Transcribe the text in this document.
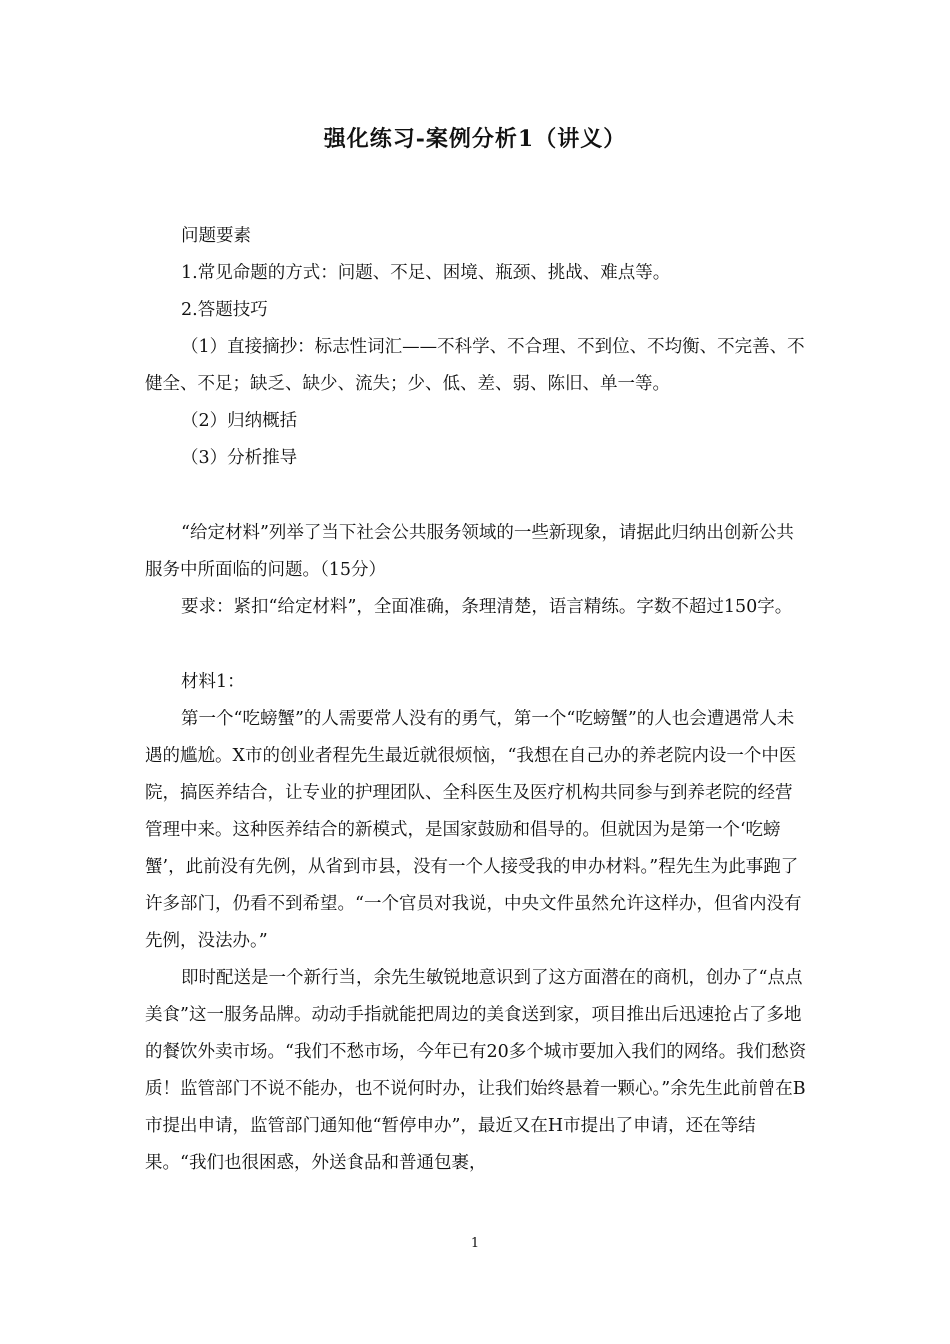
强化练习-案例分析1（讲义）

问题要素

1.常见命题的方式：问题、不足、困境、瓶颈、挑战、难点等。

2.答题技巧

（1）直接摘抄：标志性词汇——不科学、不合理、不到位、不均衡、不完善、不健全、不足；缺乏、缺少、流失；少、低、差、弱、陈旧、单一等。

（2）归纳概括

（3）分析推导

“给定材料”列举了当下社会公共服务领域的一些新现象，请据此归纳出创新公共服务中所面临的问题。（15分）

要求：紧扣“给定材料”，全面准确，条理清楚，语言精练。字数不超过150字。

材料1：

第一个“吃螃蟹”的人需要常人没有的勇气，第一个“吃螃蟹”的人也会遭遇常人未遇的尴尬。X市的创业者程先生最近就很烦恼，“我想在自己办的养老院内设一个中医院，搞医养结合，让专业的护理团队、全科医生及医疗机构共同参与到养老院的经营管理中来。这种医养结合的新模式，是国家鼓励和倡导的。但就因为是第一个‘吃螃蟹’，此前没有先例，从省到市县，没有一个人接受我的申办材料。”程先生为此事跑了许多部门，仍看不到希望。“一个官员对我说，中央文件虽然允许这样办，但省内没有先例，没法办。”

即时配送是一个新行当，余先生敏锐地意识到了这方面潜在的商机，创办了“点点美食”这一服务品牌。动动手指就能把周边的美食送到家，项目推出后迅速抢占了多地的餐饮外卖市场。“我们不愁市场，今年已有20多个城市要加入我们的网络。我们愁资质！监管部门不说不能办，也不说何时办，让我们始终悬着一颗心。”余先生此前曾在B市提出申请，监管部门通知他“暂停申办”，最近又在H市提出了申请，还在等结果。“我们也很困惑，外送食品和普通包裹，

1
